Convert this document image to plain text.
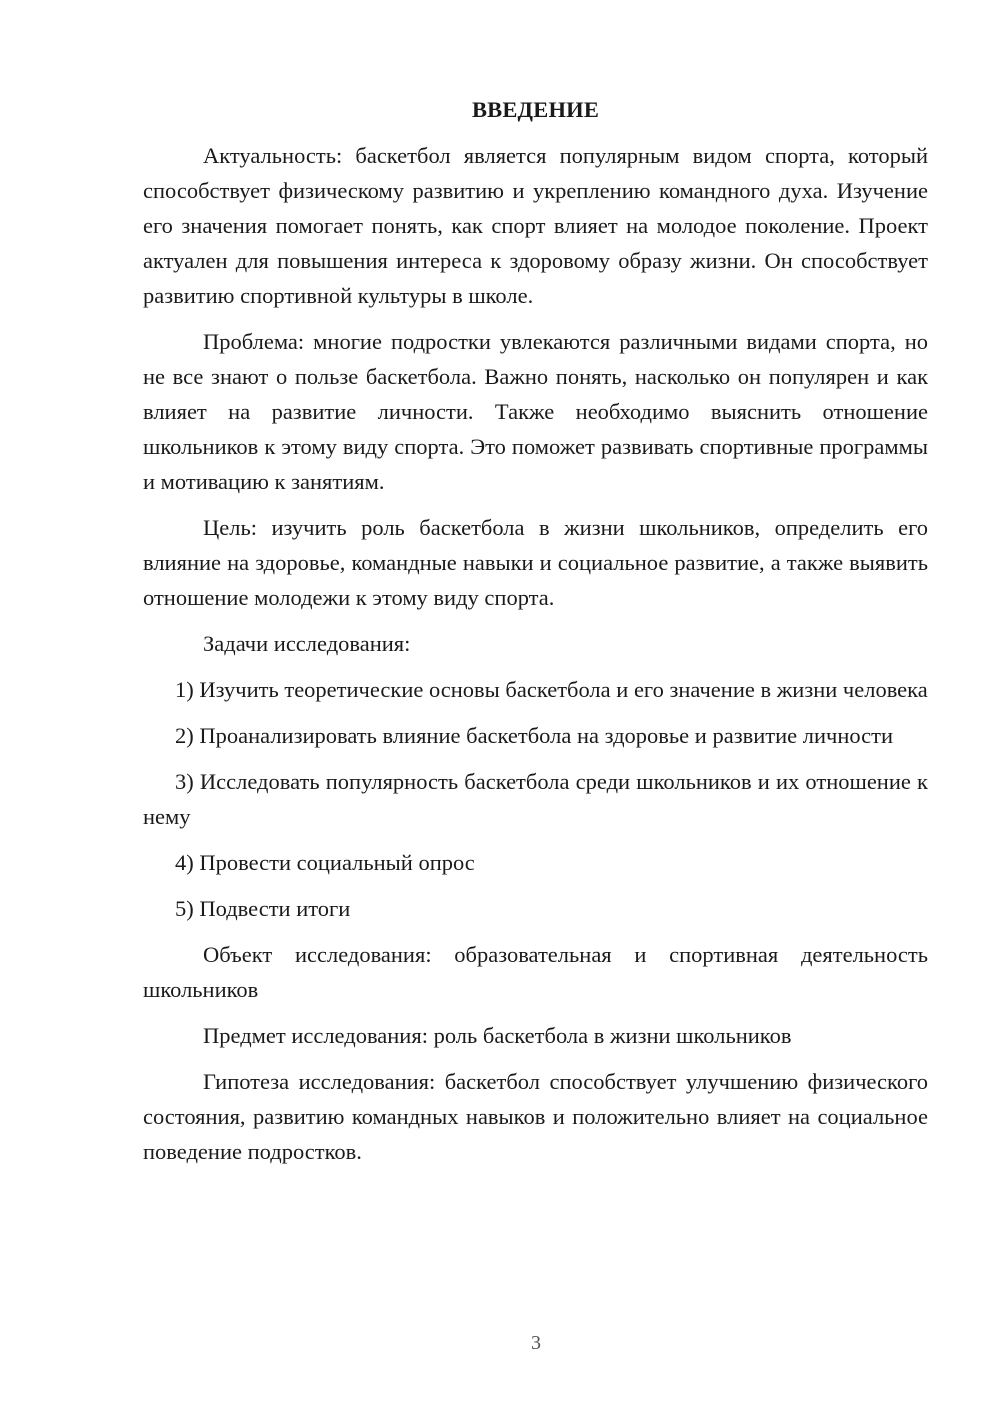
ВВЕДЕНИЕ

Актуальность: баскетбол является популярным видом спорта, который способствует физическому развитию и укреплению командного духа. Изучение его значения помогает понять, как спорт влияет на молодое поколение. Проект актуален для повышения интереса к здоровому образу жизни. Он способствует развитию спортивной культуры в школе.

Проблема: многие подростки увлекаются различными видами спорта, но не все знают о пользе баскетбола. Важно понять, насколько он популярен и как влияет на развитие личности. Также необходимо выяснить отношение школьников к этому виду спорта. Это поможет развивать спортивные программы и мотивацию к занятиям.

Цель: изучить роль баскетбола в жизни школьников, определить его влияние на здоровье, командные навыки и социальное развитие, а также выявить отношение молодежи к этому виду спорта.

Задачи исследования:

1) Изучить теоретические основы баскетбола и его значение в жизни человека

2) Проанализировать влияние баскетбола на здоровье и развитие личности

3) Исследовать популярность баскетбола среди школьников и их отношение к нему

4) Провести социальный опрос

5) Подвести итоги

Объект исследования: образовательная и спортивная деятельность школьников

Предмет исследования: роль баскетбола в жизни школьников

Гипотеза исследования: баскетбол способствует улучшению физического состояния, развитию командных навыков и положительно влияет на социальное поведение подростков.

3
